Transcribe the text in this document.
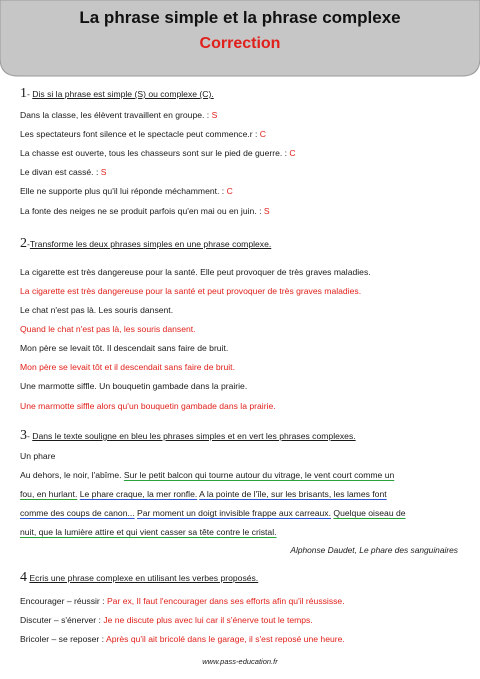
La phrase simple et la phrase complexe
Correction
1- Dis si la phrase est simple (S) ou complexe (C).
Dans la classe, les élèvent travaillent en groupe. : S
Les spectateurs font silence et le spectacle peut commence.r : C
La chasse est ouverte, tous les chasseurs sont sur le pied de guerre. : C
Le divan est cassé. : S
Elle ne supporte plus qu'il lui réponde méchamment. : C
La fonte des neiges ne se produit parfois qu'en mai ou en juin. : S
2-Transforme les deux phrases simples en une phrase complexe.
La cigarette est très dangereuse pour la santé. Elle peut provoquer de très graves maladies.
La cigarette est très dangereuse pour la santé et peut provoquer de très graves maladies.
Le chat n'est pas là. Les souris dansent.
Quand le chat n'est pas là, les souris dansent.
Mon père se levait tôt. Il descendait sans faire de bruit.
Mon père se levait tôt et il descendait sans faire de bruit.
Une marmotte siffle. Un bouquetin gambade dans la prairie.
Une marmotte siffle alors qu'un bouquetin gambade dans la prairie.
3- Dans le texte souligne en bleu les phrases simples et en vert les phrases complexes.
Un phare
Au dehors, le noir, l'abîme. Sur le petit balcon qui tourne autour du vitrage, le vent court comme un
fou, en hurlant. Le phare craque, la mer ronfle. A la pointe de l'île, sur les brisants, les lames font
comme des coups de canon... Par moment un doigt invisible frappe aux carreaux. Quelque oiseau de
nuit, que la lumière attire et qui vient casser sa tête contre le cristal.
Alphonse Daudet, Le phare des sanguinaires
4 Ecris une phrase complexe en utilisant les verbes proposés.
Encourager – réussir : Par ex, Il faut l'encourager dans ses efforts afin qu'il réussisse.
Discuter – s'énerver : Je ne discute plus avec lui car il s'énerve tout le temps.
Bricoler – se reposer : Après qu'il ait bricolé dans le garage, il s'est reposé une heure.
www.pass-education.fr
